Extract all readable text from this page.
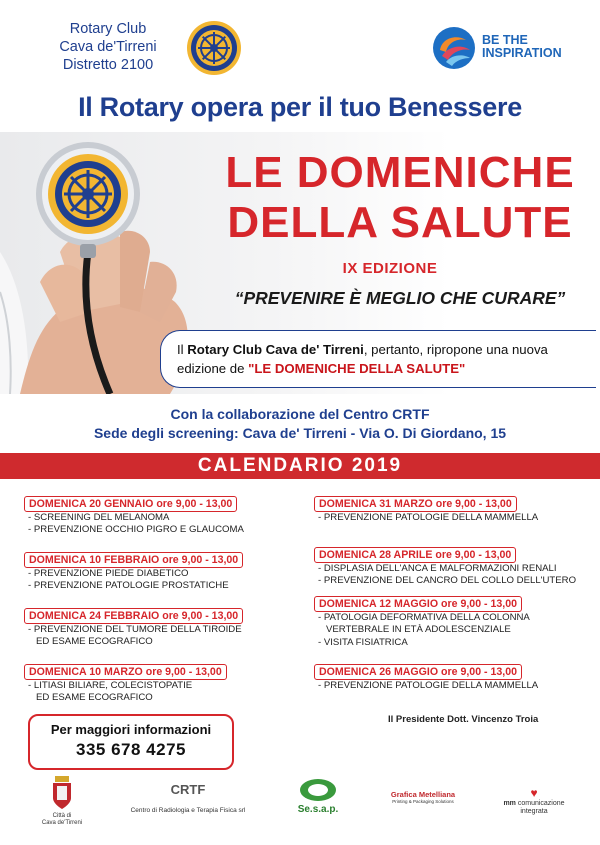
Rotary Club
Cava de'Tirreni
Distretto 2100
BE THE
INSPIRATION
Il Rotary opera per il tuo Benessere
LE DOMENICHE
DELLA SALUTE
IX EDIZIONE
“PREVENIRE È MEGLIO CHE CURARE”
Il Rotary Club Cava de' Tirreni, pertanto, ripropone una nuova edizione de "LE DOMENICHE DELLA SALUTE"
Con la collaborazione del Centro CRTF
Sede degli screening: Cava de' Tirreni - Via O. Di Giordano, 15
CALENDARIO 2019
DOMENICA 20 GENNAIO ore 9,00 - 13,00
- SCREENING DEL MELANOMA
- PREVENZIONE OCCHIO PIGRO E GLAUCOMA
DOMENICA 10 FEBBRAIO ore 9,00 - 13,00
- PREVENZIONE PIEDE DIABETICO
- PREVENZIONE PATOLOGIE PROSTATICHE
DOMENICA 24 FEBBRAIO ore 9,00 - 13,00
- PREVENZIONE DEL TUMORE DELLA TIROIDE
ED ESAME ECOGRAFICO
DOMENICA 10 MARZO ore 9,00 - 13,00
- LITIASI BILIARE, COLECISTOPATIE
ED ESAME ECOGRAFICO
DOMENICA 31 MARZO ore 9,00 - 13,00
- PREVENZIONE PATOLOGIE DELLA MAMMELLA
DOMENICA 28 APRILE ore 9,00 - 13,00
- DISPLASIA DELL'ANCA E MALFORMAZIONI RENALI
- PREVENZIONE DEL CANCRO DEL COLLO DELL'UTERO
DOMENICA 12 MAGGIO ore 9,00 - 13,00
- PATOLOGIA DEFORMATIVA DELLA COLONNA
VERTEBRALE IN ETÀ ADOLESCENZIALE
- VISITA FISIATRICA
DOMENICA 26 MAGGIO ore 9,00 - 13,00
- PREVENZIONE PATOLOGIE DELLA MAMMELLA
Per maggiori informazioni
335 678 4275
Il Presidente Dott. Vincenzo Troia
Città di
Cava de'Tirreni
CRTF
Centro di Radiologia e Terapia Fisica srl	Se.s.a.p.
Grafica Metelliana
Printing & Packaging Solutions
♥
mm comunicazione
integrata
